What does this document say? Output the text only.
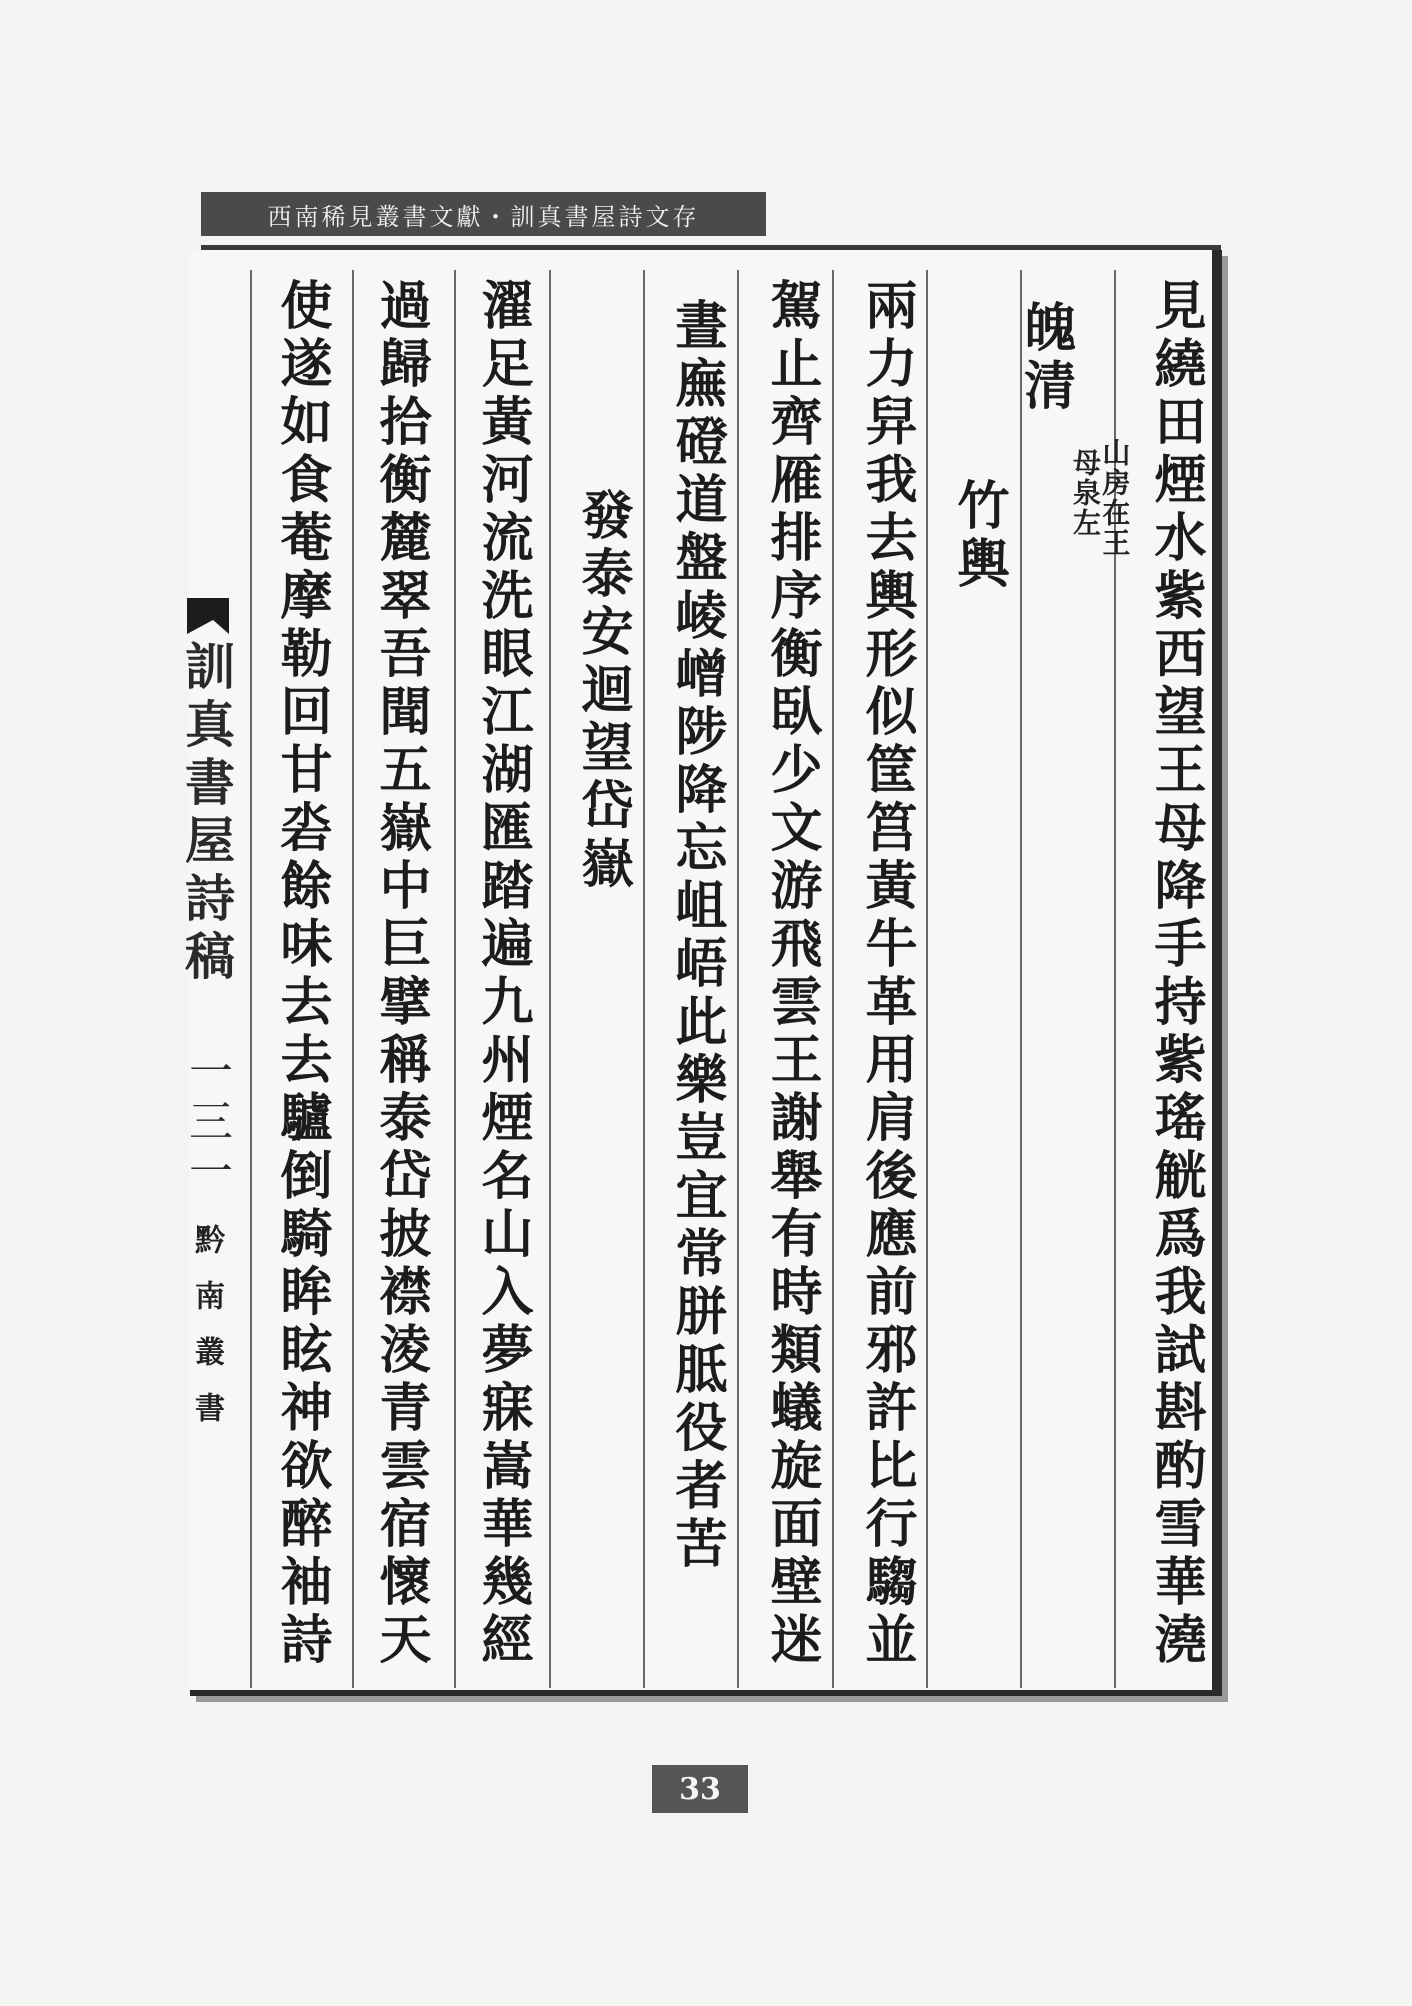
西南稀見叢書文獻・訓真書屋詩文存

見繞田煙水紫西望王母降手持紫瑤觥爲我試斟酌雪華澆
魄清
山房在王
母泉左
竹輿
兩力舁我去輿形似筐筥黃牛革用肩後應前邪許比行騶並
駕止齊雁排序衡臥少文游飛雲王謝舉有時類蟻旋面壁迷
晝廡磴道盤崚嶒陟降忘岨峿此樂豈宜常胼胝役者苦
發泰安迴望岱嶽
濯足黃河流洗眼江湖匯踏遍九州煙名山入夢寐嵩華幾經
過歸拾衡麓翠吾聞五嶽中巨擘稱泰岱披襟淩青雲宿懷天
使遂如食菴摩勒回甘沯餘味去去驢倒騎眸眩神欲醉袖詩
訓真書屋詩稿
一三一
黔南叢書
33
